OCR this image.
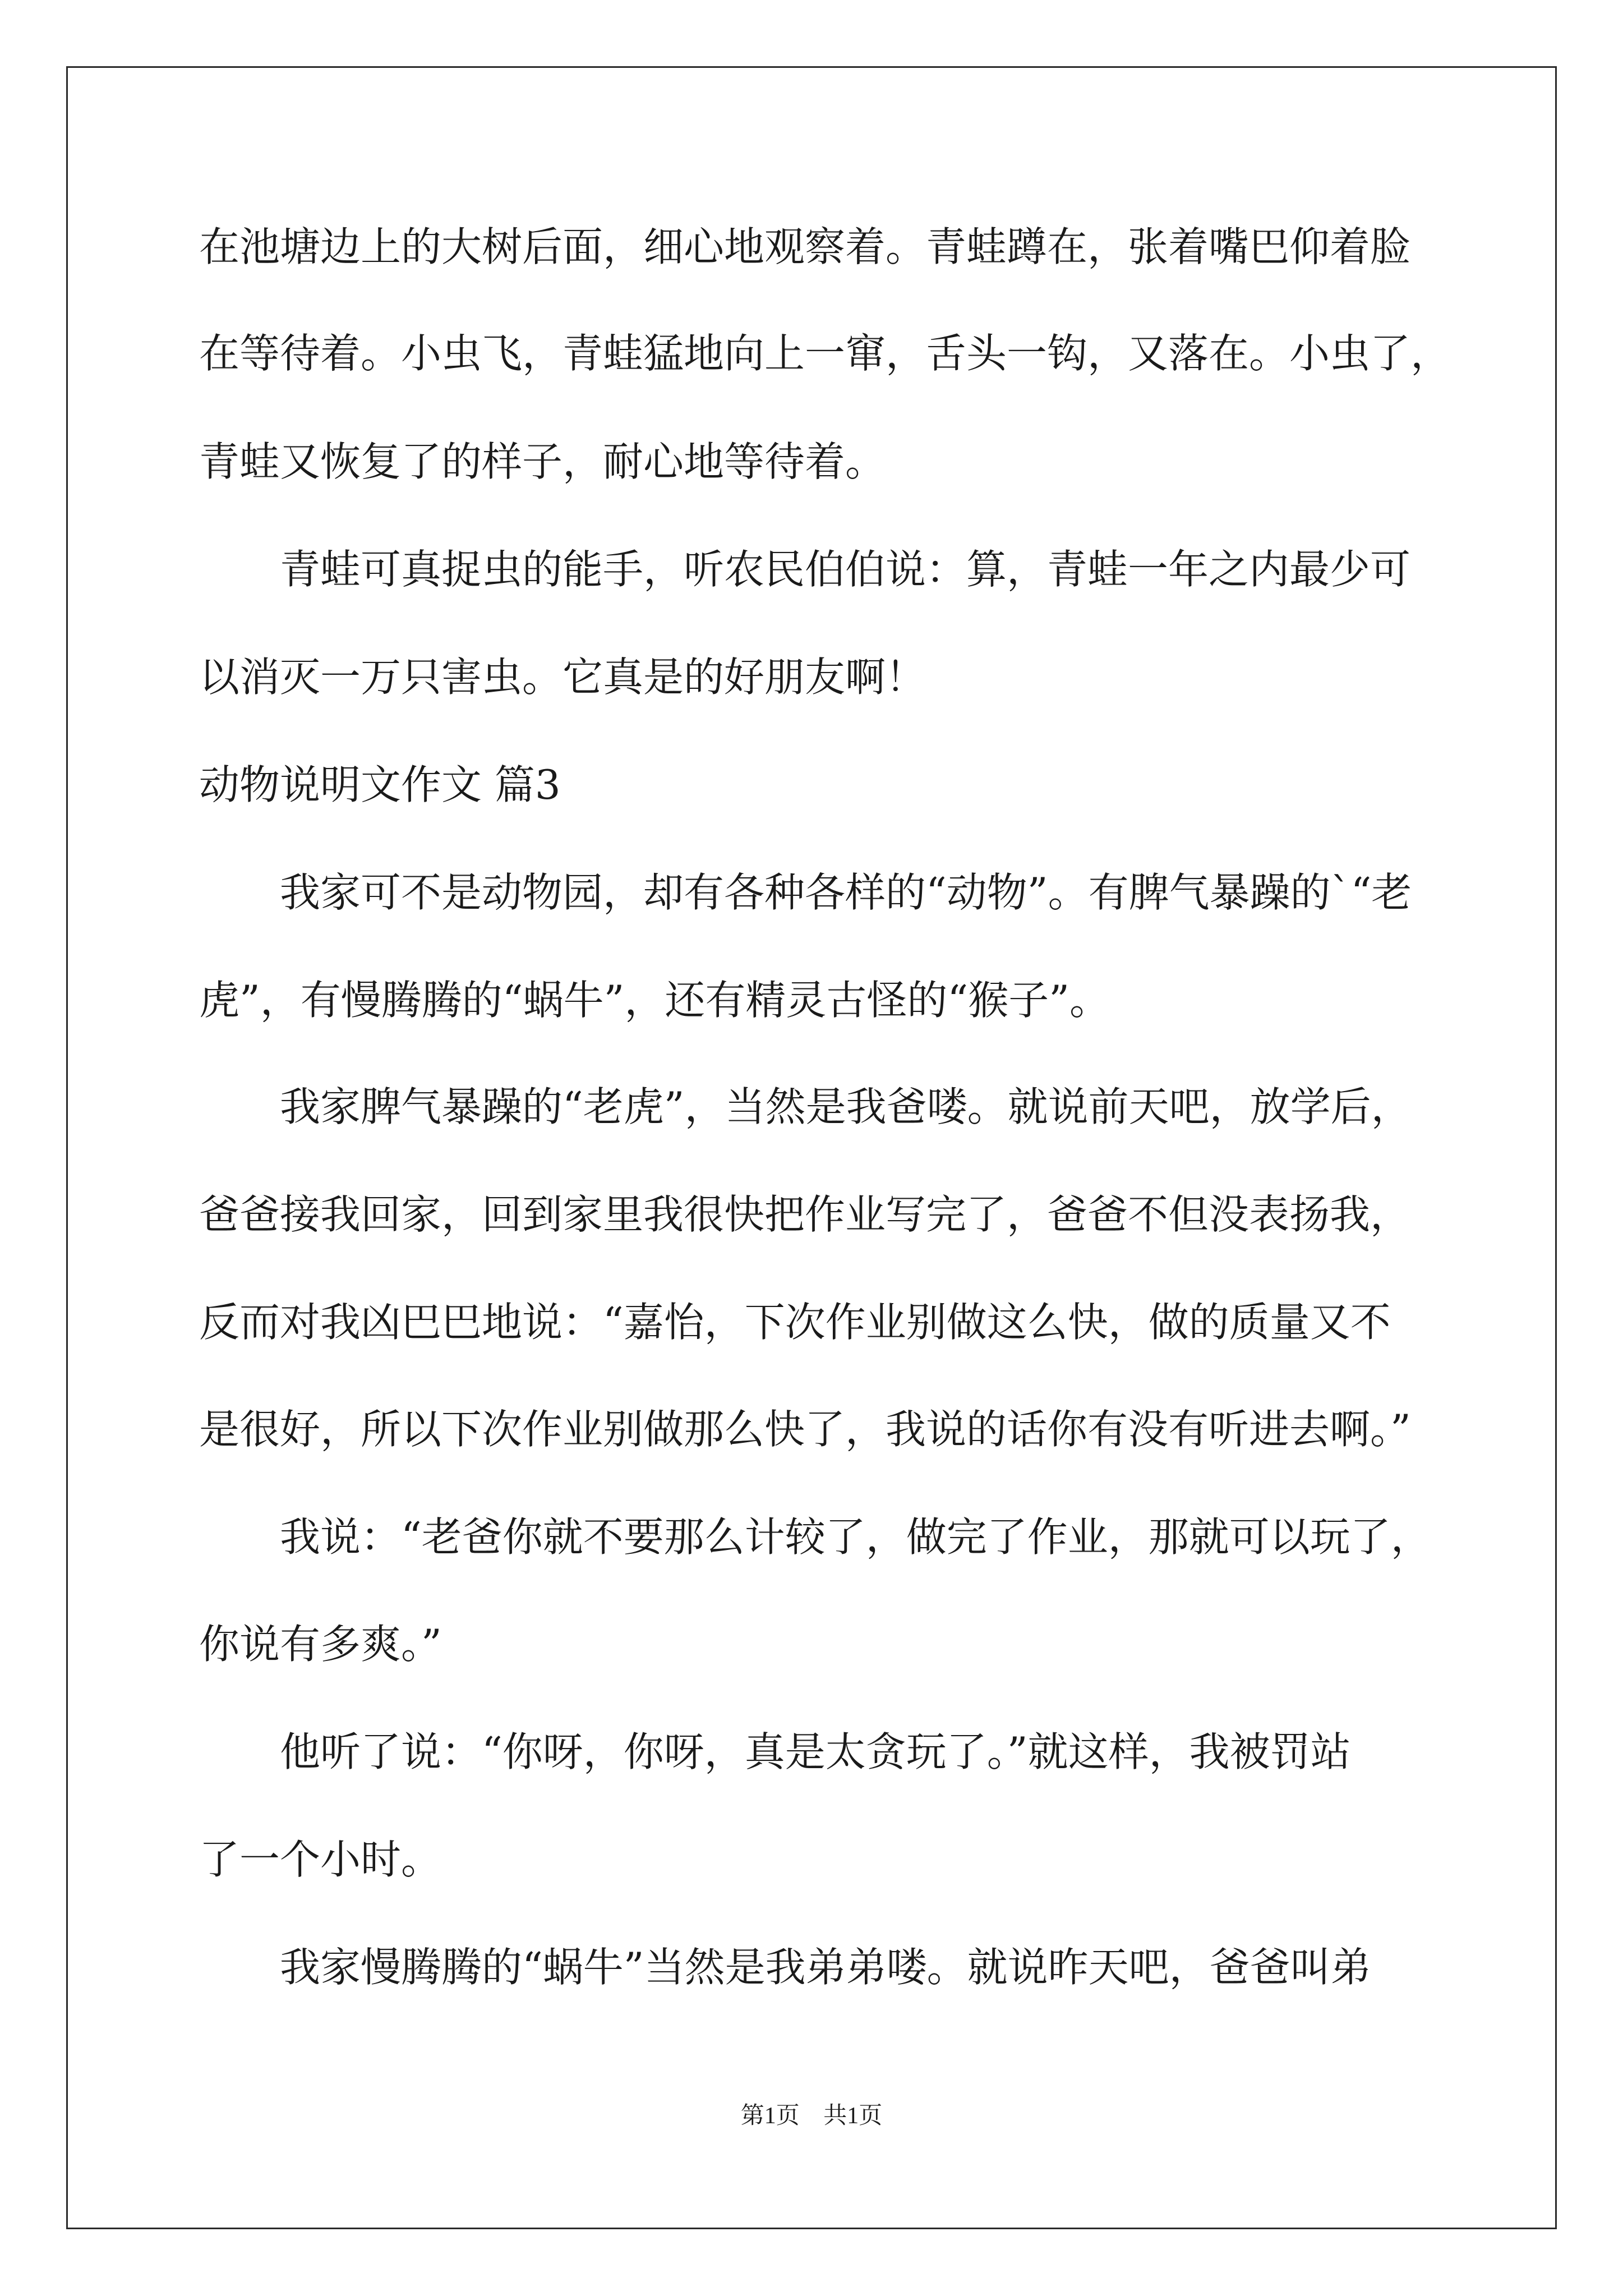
在池塘边上的大树后面，细心地观察着。青蛙蹲在，张着嘴巴仰着脸

在等待着。小虫飞，青蛙猛地向上一窜，舌头一钩，又落在。小虫了，

青蛙又恢复了的样子，耐心地等待着。

　　青蛙可真捉虫的能手，听农民伯伯说：算，青蛙一年之内最少可

以消灭一万只害虫。它真是的好朋友啊！

动物说明文作文 篇3

　　我家可不是动物园，却有各种各样的“动物”。有脾气暴躁的`“老

虎”，有慢腾腾的“蜗牛”，还有精灵古怪的“猴子”。

　　我家脾气暴躁的“老虎”，当然是我爸喽。就说前天吧，放学后，

爸爸接我回家，回到家里我很快把作业写完了，爸爸不但没表扬我，

反而对我凶巴巴地说：“嘉怡，下次作业别做这么快，做的质量又不

是很好，所以下次作业别做那么快了，我说的话你有没有听进去啊。”

　　我说：“老爸你就不要那么计较了，做完了作业，那就可以玩了，

你说有多爽。”

　　他听了说：“你呀，你呀，真是太贪玩了。”就这样，我被罚站

了一个小时。

　　我家慢腾腾的“蜗牛”当然是我弟弟喽。就说昨天吧，爸爸叫弟

第1页 共1页
